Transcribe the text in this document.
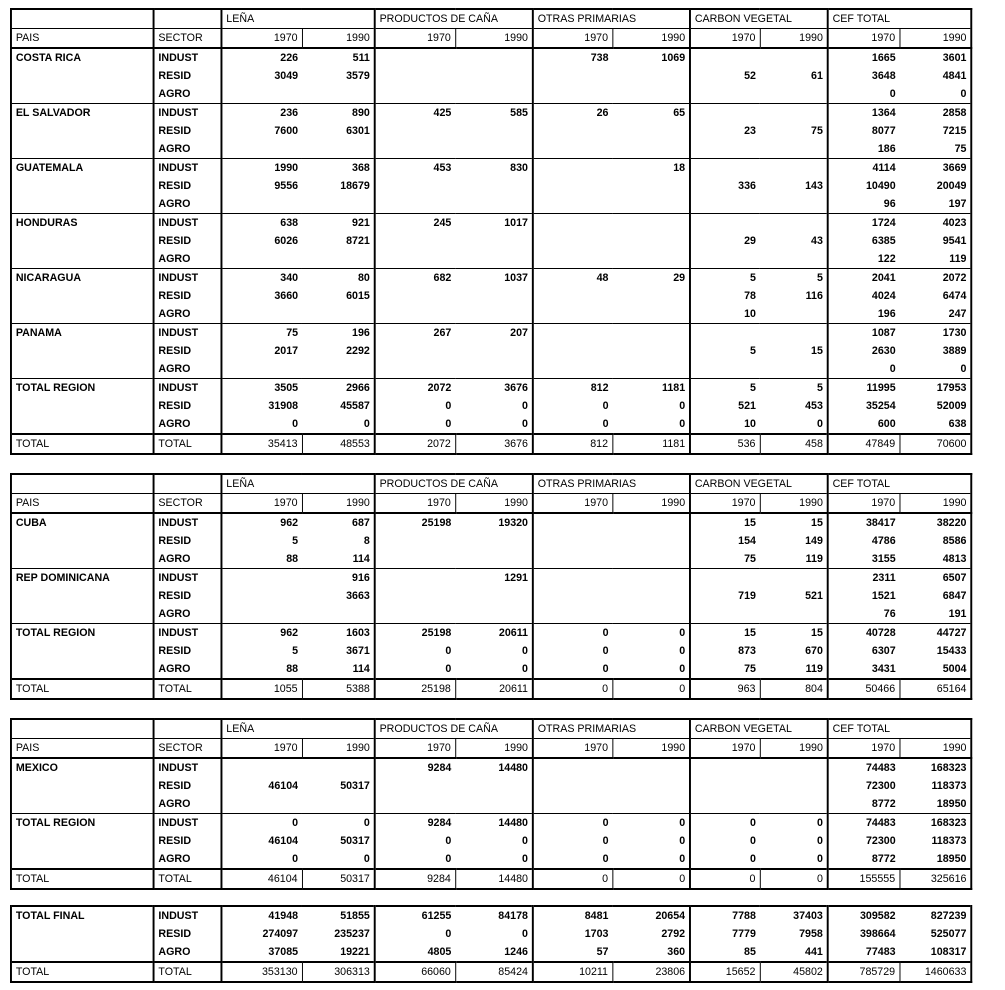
		LEÑA		PRODUCTOS DE CAÑA		OTRAS PRIMARIAS		CARBON VEGETAL		CEF TOTAL	
PAIS	SECTOR	1970	1990	1970	1990	1970	1990	1970	1990	1970	1990
COSTA RICA	INDUST	226	511			738	1069			1665	3601
	RESID	3049	3579					52	61	3648	4841
	AGRO									0	0
EL SALVADOR	INDUST	236	890	425	585	26	65			1364	2858
	RESID	7600	6301					23	75	8077	7215
	AGRO									186	75
GUATEMALA	INDUST	1990	368	453	830		18			4114	3669
	RESID	9556	18679					336	143	10490	20049
	AGRO									96	197
HONDURAS	INDUST	638	921	245	1017					1724	4023
	RESID	6026	8721					29	43	6385	9541
	AGRO									122	119
NICARAGUA	INDUST	340	80	682	1037	48	29	5	5	2041	2072
	RESID	3660	6015					78	116	4024	6474
	AGRO							10		196	247
PANAMA	INDUST	75	196	267	207					1087	1730
	RESID	2017	2292					5	15	2630	3889
	AGRO									0	0
TOTAL REGION	INDUST	3505	2966	2072	3676	812	1181	5	5	11995	17953
	RESID	31908	45587	0	0	0	0	521	453	35254	52009
	AGRO	0	0	0	0	0	0	10	0	600	638
TOTAL	TOTAL	35413	48553	2072	3676	812	1181	536	458	47849	70600
		LEÑA		PRODUCTOS DE CAÑA		OTRAS PRIMARIAS		CARBON VEGETAL		CEF TOTAL	
PAIS	SECTOR	1970	1990	1970	1990	1970	1990	1970	1990	1970	1990
CUBA	INDUST	962	687	25198	19320			15	15	38417	38220
	RESID	5	8					154	149	4786	8586
	AGRO	88	114					75	119	3155	4813
REP DOMINICANA	INDUST		916		1291					2311	6507
	RESID		3663					719	521	1521	6847
	AGRO									76	191
TOTAL REGION	INDUST	962	1603	25198	20611	0	0	15	15	40728	44727
	RESID	5	3671	0	0	0	0	873	670	6307	15433
	AGRO	88	114	0	0	0	0	75	119	3431	5004
TOTAL	TOTAL	1055	5388	25198	20611	0	0	963	804	50466	65164
		LEÑA		PRODUCTOS DE CAÑA		OTRAS PRIMARIAS		CARBON VEGETAL		CEF TOTAL	
PAIS	SECTOR	1970	1990	1970	1990	1970	1990	1970	1990	1970	1990
MEXICO	INDUST			9284	14480					74483	168323
	RESID	46104	50317							72300	118373
	AGRO									8772	18950
TOTAL REGION	INDUST	0	0	9284	14480	0	0	0	0	74483	168323
	RESID	46104	50317	0	0	0	0	0	0	72300	118373
	AGRO	0	0	0	0	0	0	0	0	8772	18950
TOTAL	TOTAL	46104	50317	9284	14480	0	0	0	0	155555	325616
TOTAL FINAL	INDUST	41948	51855	61255	84178	8481	20654	7788	37403	309582	827239
	RESID	274097	235237	0	0	1703	2792	7779	7958	398664	525077
	AGRO	37085	19221	4805	1246	57	360	85	441	77483	108317
TOTAL	TOTAL	353130	306313	66060	85424	10211	23806	15652	45802	785729	1460633
